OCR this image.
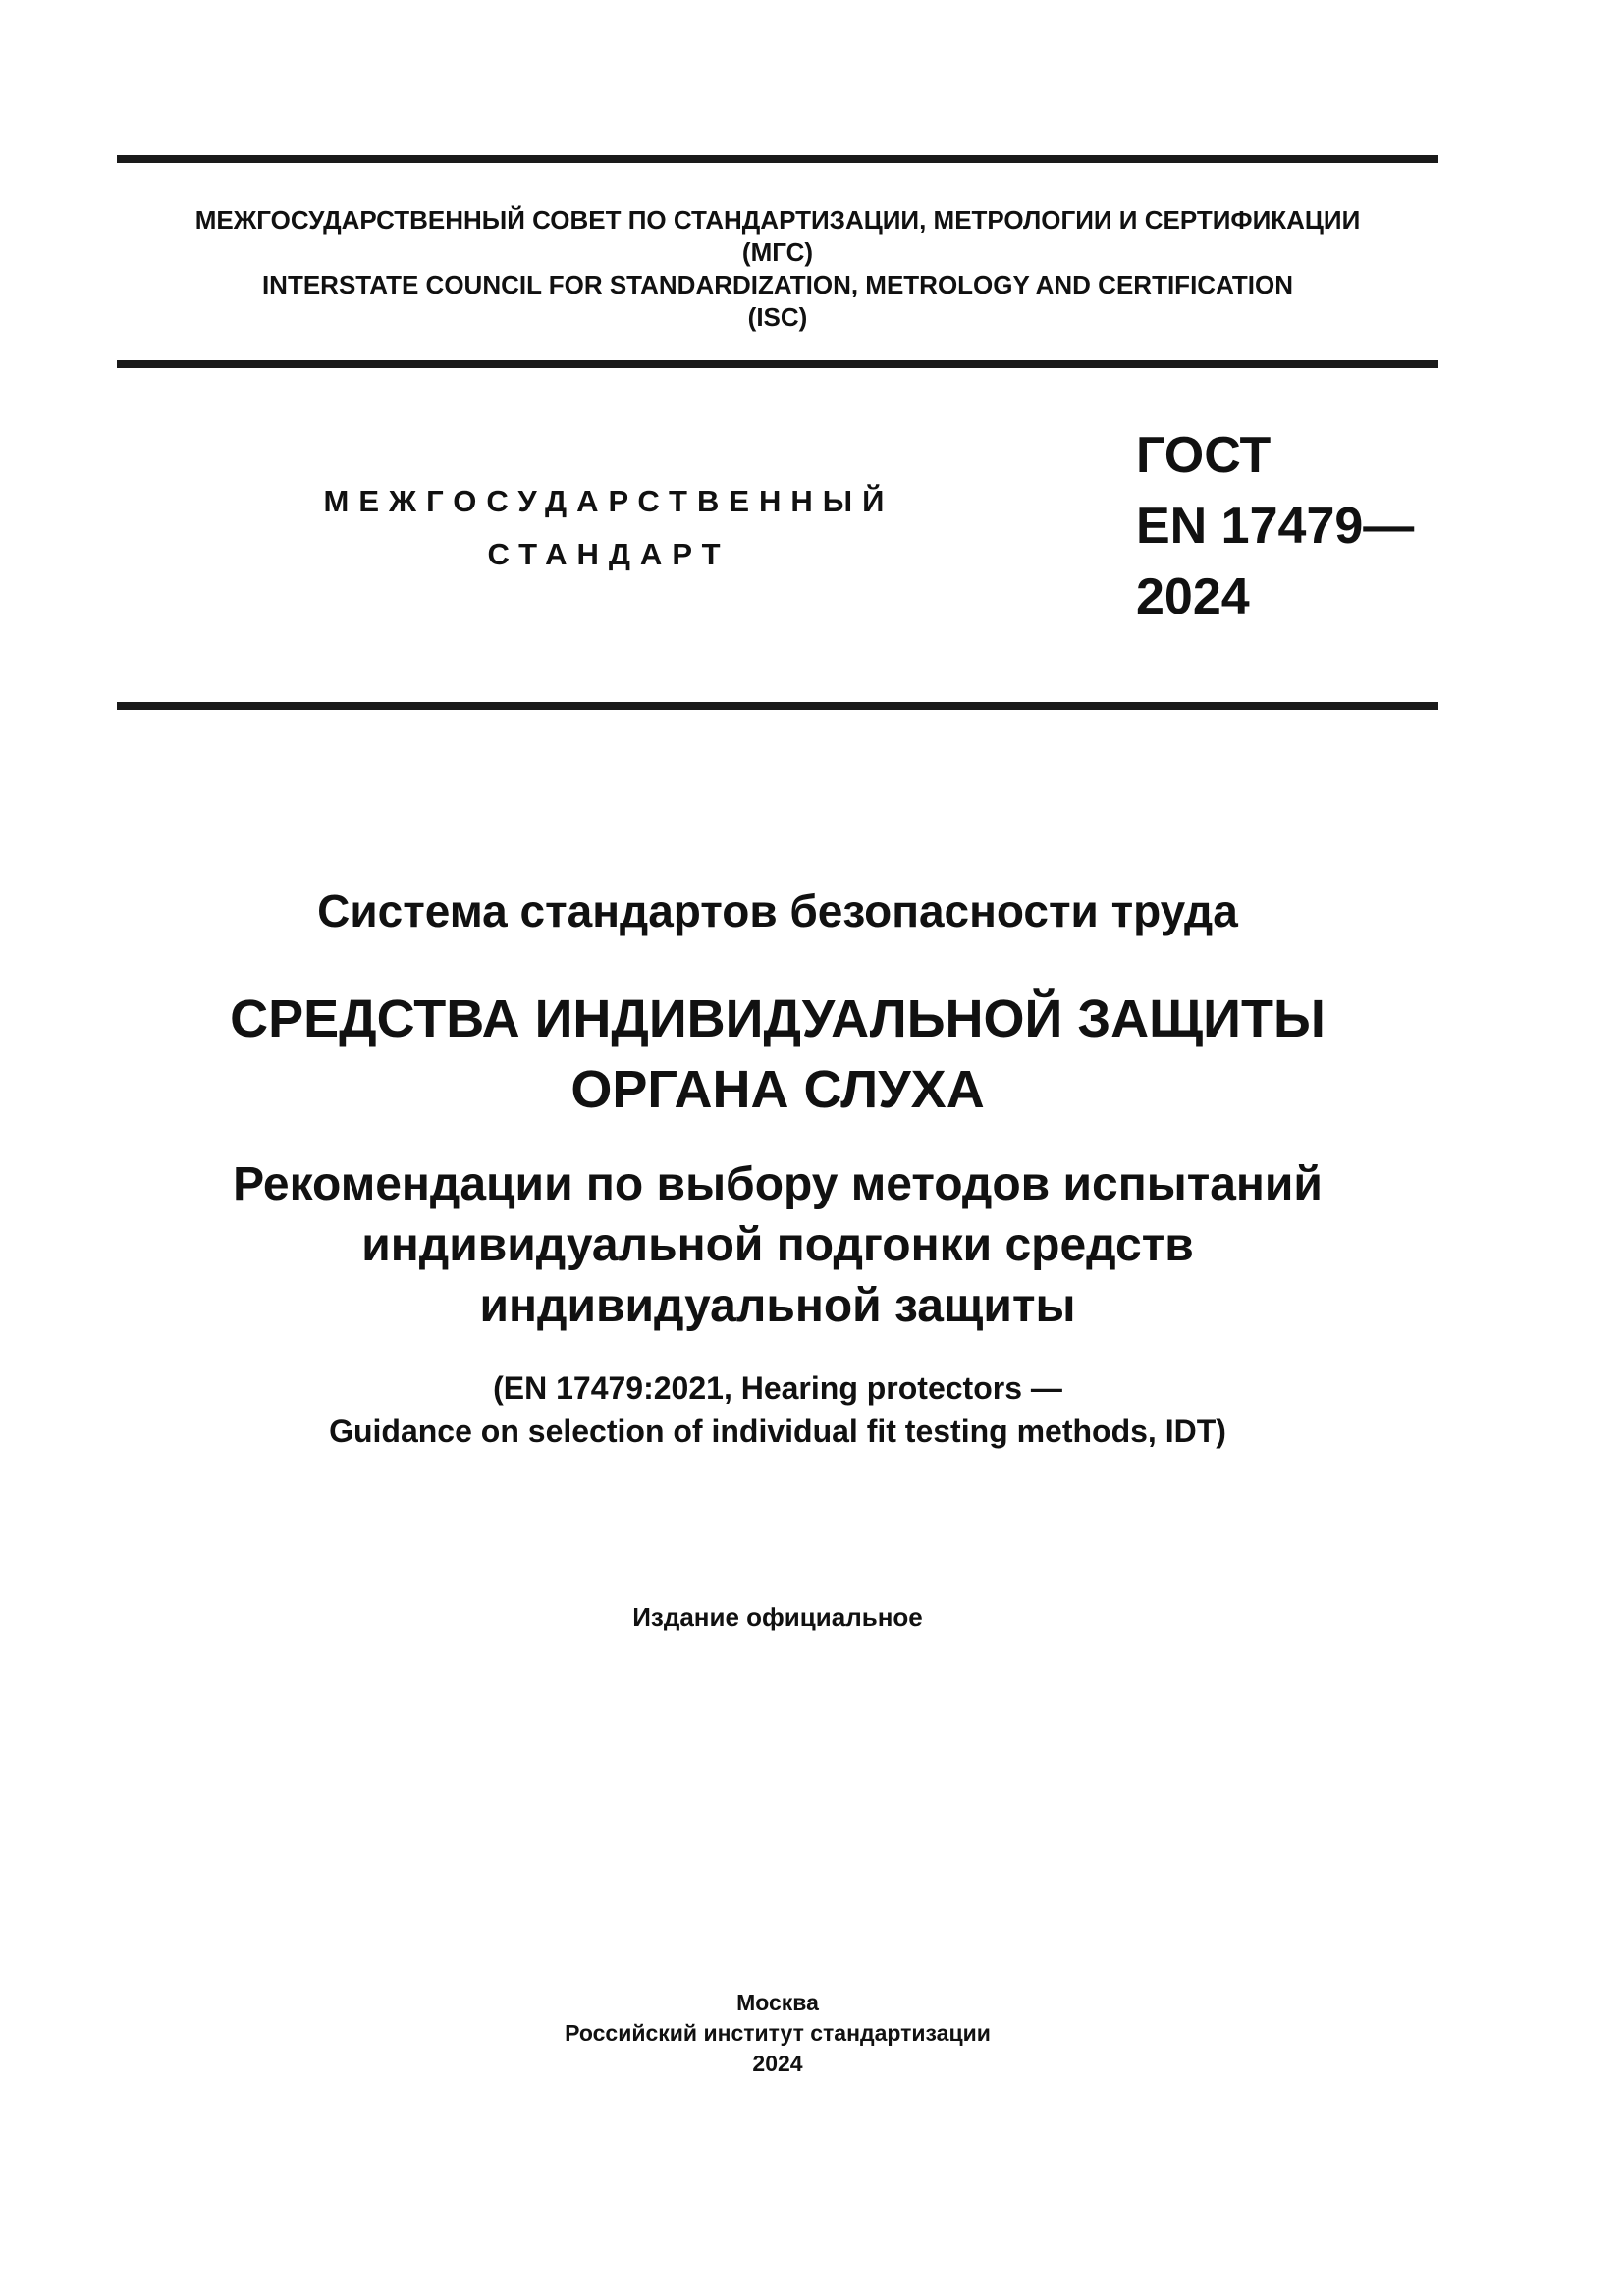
МЕЖГОСУДАРСТВЕННЫЙ СОВЕТ ПО СТАНДАРТИЗАЦИИ, МЕТРОЛОГИИ И СЕРТИФИКАЦИИ
(МГС)
INTERSTATE COUNCIL FOR STANDARDIZATION, METROLOGY AND CERTIFICATION
(ISC)
МЕЖГОСУДАРСТВЕННЫЙ
СТАНДАРТ
ГОСТ
EN 17479—
2024
Система стандартов безопасности труда
СРЕДСТВА ИНДИВИДУАЛЬНОЙ ЗАЩИТЫ
ОРГАНА СЛУХА
Рекомендации по выбору методов испытаний
индивидуальной подгонки средств
индивидуальной защиты
(EN 17479:2021, Hearing protectors —
Guidance on selection of individual fit testing methods, IDT)
Издание официальное
Москва
Российский институт стандартизации
2024
